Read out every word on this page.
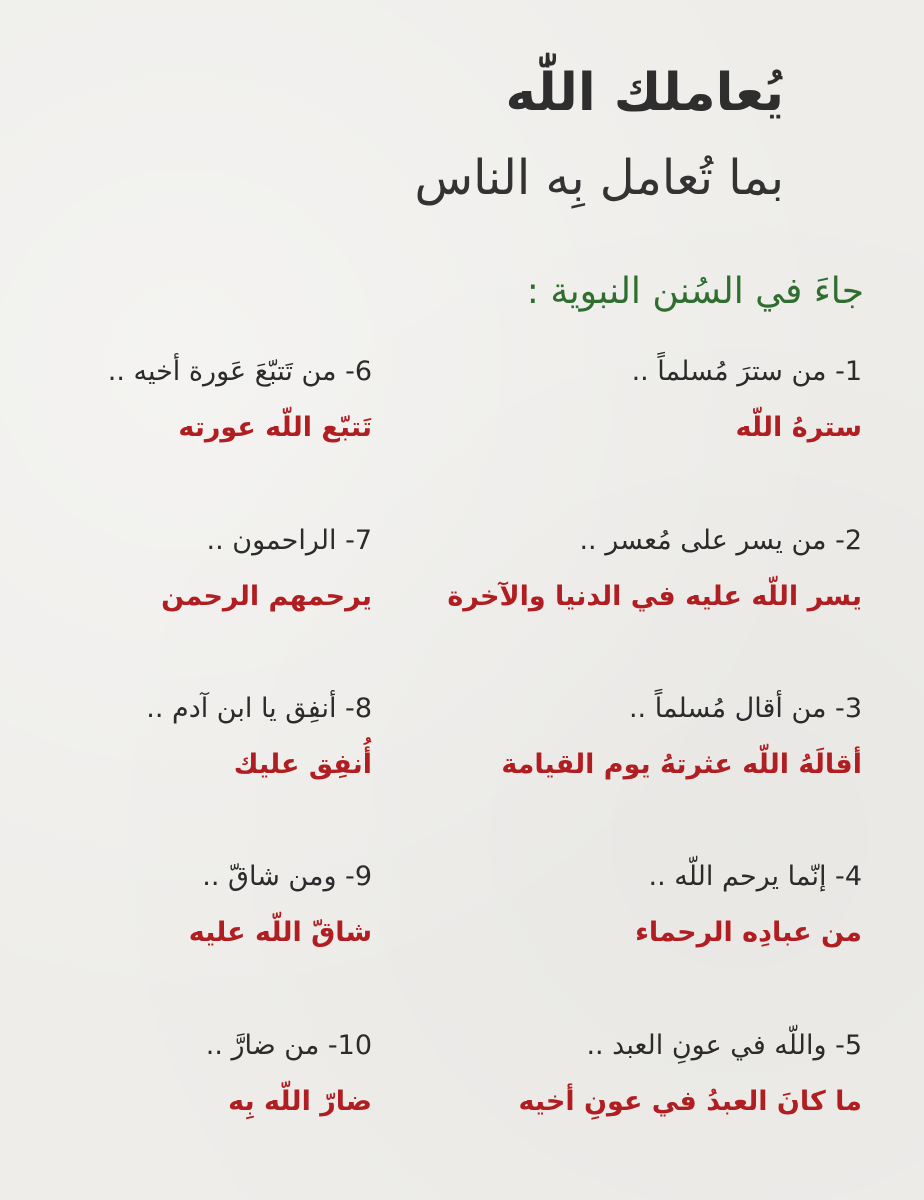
يُعاملك اللّٰه
بما تُعامل بِه الناس
جاءَ في السُنن النبوية :
1- من سترَ مُسلماً ..
سترهُ اللّه
2- من يسر على مُعسر ..
يسر اللّه عليه في الدنيا والآخرة
3- من أقال مُسلماً ..
أقالَهُ اللّه عثرتهُ يوم القيامة
4- إنّما يرحم اللّه ..
من عبادِه الرحماء
5- واللّه في عونِ العبد ..
ما كانَ العبدُ في عونِ أخيه
6- من تَتبّعَ عَورة أخيه ..
تَتبّع اللّه عورته
7- الراحمون ..
يرحمهم الرحمن
8- أنفِق يا ابن آدم ..
أُنفِق عليك
9- ومن شاقّ ..
شاقّ اللّه عليه
10- من ضارَّ ..
ضارّ اللّه بِه
